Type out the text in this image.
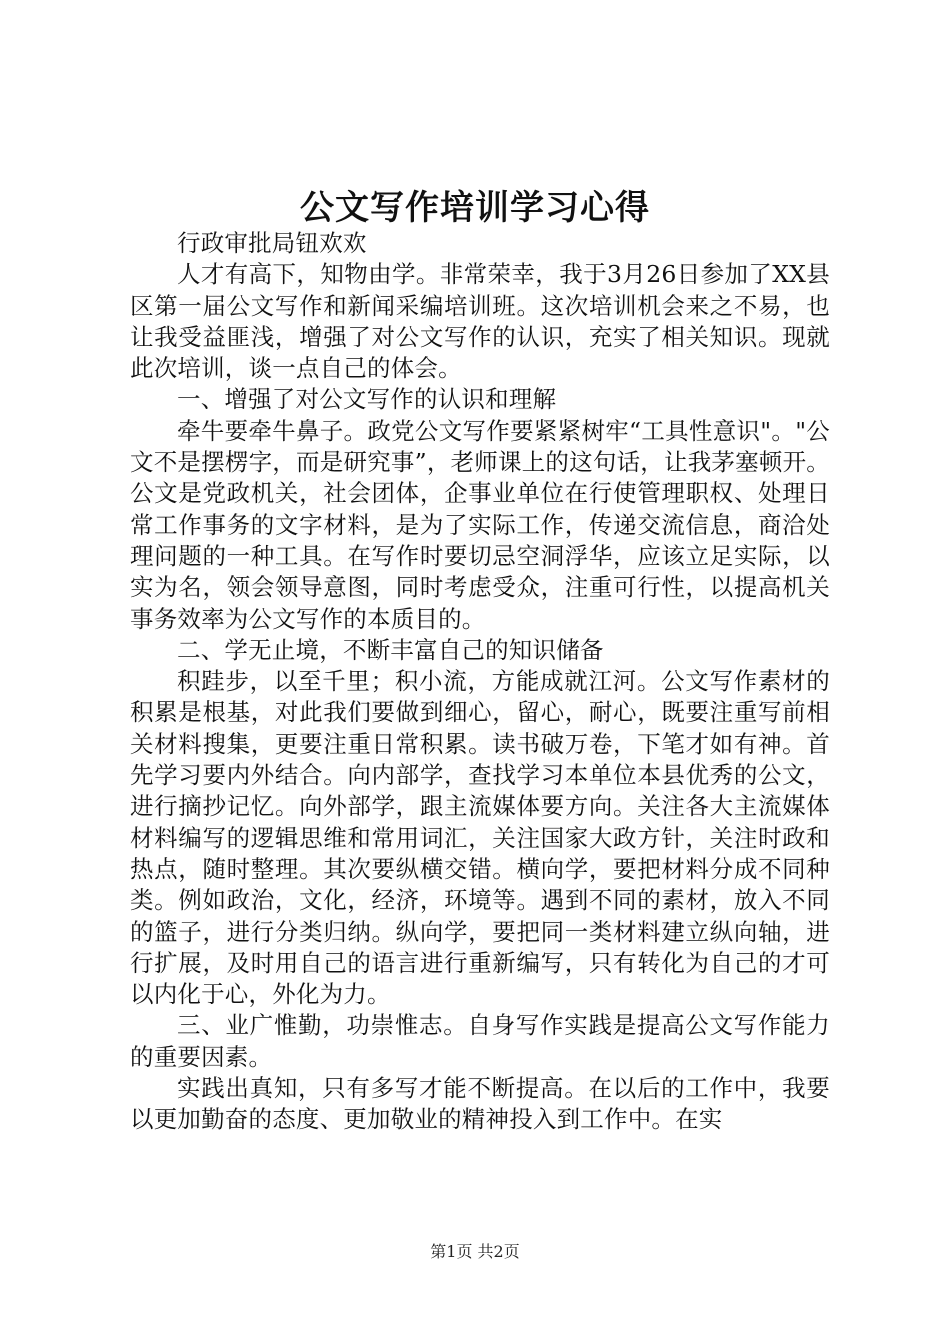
公文写作培训学习心得

行政审批局钮欢欢

人才有高下，知物由学。非常荣幸，我于3月26日参加了XX县区第一届公文写作和新闻采编培训班。这次培训机会来之不易，也让我受益匪浅，增强了对公文写作的认识，充实了相关知识。现就此次培训，谈一点自己的体会。

一、增强了对公文写作的认识和理解

牵牛要牵牛鼻子。政党公文写作要紧紧树牢“工具性意识"。"公文不是摆楞字，而是研究事”，老师课上的这句话，让我茅塞顿开。公文是党政机关，社会团体，企事业单位在行使管理职权、处理日常工作事务的文字材料，是为了实际工作，传递交流信息，商洽处理问题的一种工具。在写作时要切忌空洞浮华，应该立足实际，以实为名，领会领导意图，同时考虑受众，注重可行性，以提高机关事务效率为公文写作的本质目的。

二、学无止境，不断丰富自己的知识储备

积跬步，以至千里；积小流，方能成就江河。公文写作素材的积累是根基，对此我们要做到细心，留心，耐心，既要注重写前相关材料搜集，更要注重日常积累。读书破万卷，下笔才如有神。首先学习要内外结合。向内部学，查找学习本单位本县优秀的公文，进行摘抄记忆。向外部学，跟主流媒体要方向。关注各大主流媒体材料编写的逻辑思维和常用词汇，关注国家大政方针，关注时政和热点，随时整理。其次要纵横交错。横向学，要把材料分成不同种类。例如政治，文化，经济，环境等。遇到不同的素材，放入不同的篮子，进行分类归纳。纵向学，要把同一类材料建立纵向轴，进行扩展，及时用自己的语言进行重新编写，只有转化为自己的才可以内化于心，外化为力。

三、业广惟勤，功崇惟志。自身写作实践是提高公文写作能力的重要因素。

实践出真知，只有多写才能不断提高。在以后的工作中，我要以更加勤奋的态度、更加敬业的精神投入到工作中。在实

第1页 共2页
